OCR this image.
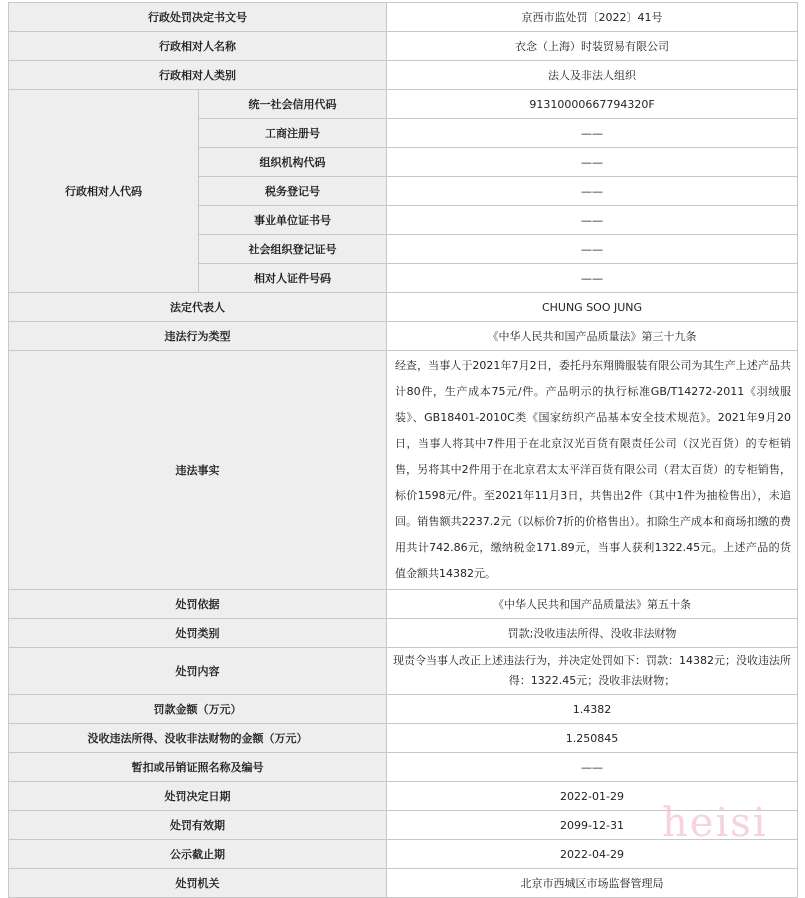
行政处罚决定书文号		京西市监处罚〔2022〕41号
行政相对人名称		衣念（上海）时装贸易有限公司
行政相对人类别		法人及非法人组织
行政相对人代码	统一社会信用代码	91310000667794320F
	工商注册号	——
	组织机构代码	——
	税务登记号	——
	事业单位证书号	——
	社会组织登记证号	——
	相对人证件号码	——
法定代表人		CHUNG SOO JUNG
违法行为类型		《中华人民共和国产品质量法》第三十九条
违法事实		经查，当事人于2021年7月2日，委托丹东翔腾服装有限公司为其生产上述产品共计80件，生产成本75元/件。产品明示的执行标准GB/T14272-2011《羽绒服装》、GB18401-2010C类《国家纺织产品基本安全技术规范》。2021年9月20日，当事人将其中7件用于在北京汉光百货有限责任公司（汉光百货）的专柜销售，另将其中2件用于在北京君太太平洋百货有限公司（君太百货）的专柜销售，标价1598元/件。至2021年11月3日，共售出2件（其中1件为抽检售出），未追回。销售额共2237.2元（以标价7折的价格售出）。扣除生产成本和商场扣缴的费用共计742.86元，缴纳税金171.89元，当事人获利1322.45元。上述产品的货值金额共14382元。
处罚依据		《中华人民共和国产品质量法》第五十条
处罚类别		罚款;没收违法所得、没收非法财物
处罚内容		现责令当事人改正上述违法行为，并决定处罚如下：罚款：14382元；没收违法所得：1322.45元；没收非法财物；
罚款金额（万元）		1.4382
没收违法所得、没收非法财物的金额（万元）		1.250845
暂扣或吊销证照名称及编号		——
处罚决定日期		2022-01-29
处罚有效期		2099-12-31
公示截止期		2022-04-29
处罚机关		北京市西城区市场监督管理局
heisi
